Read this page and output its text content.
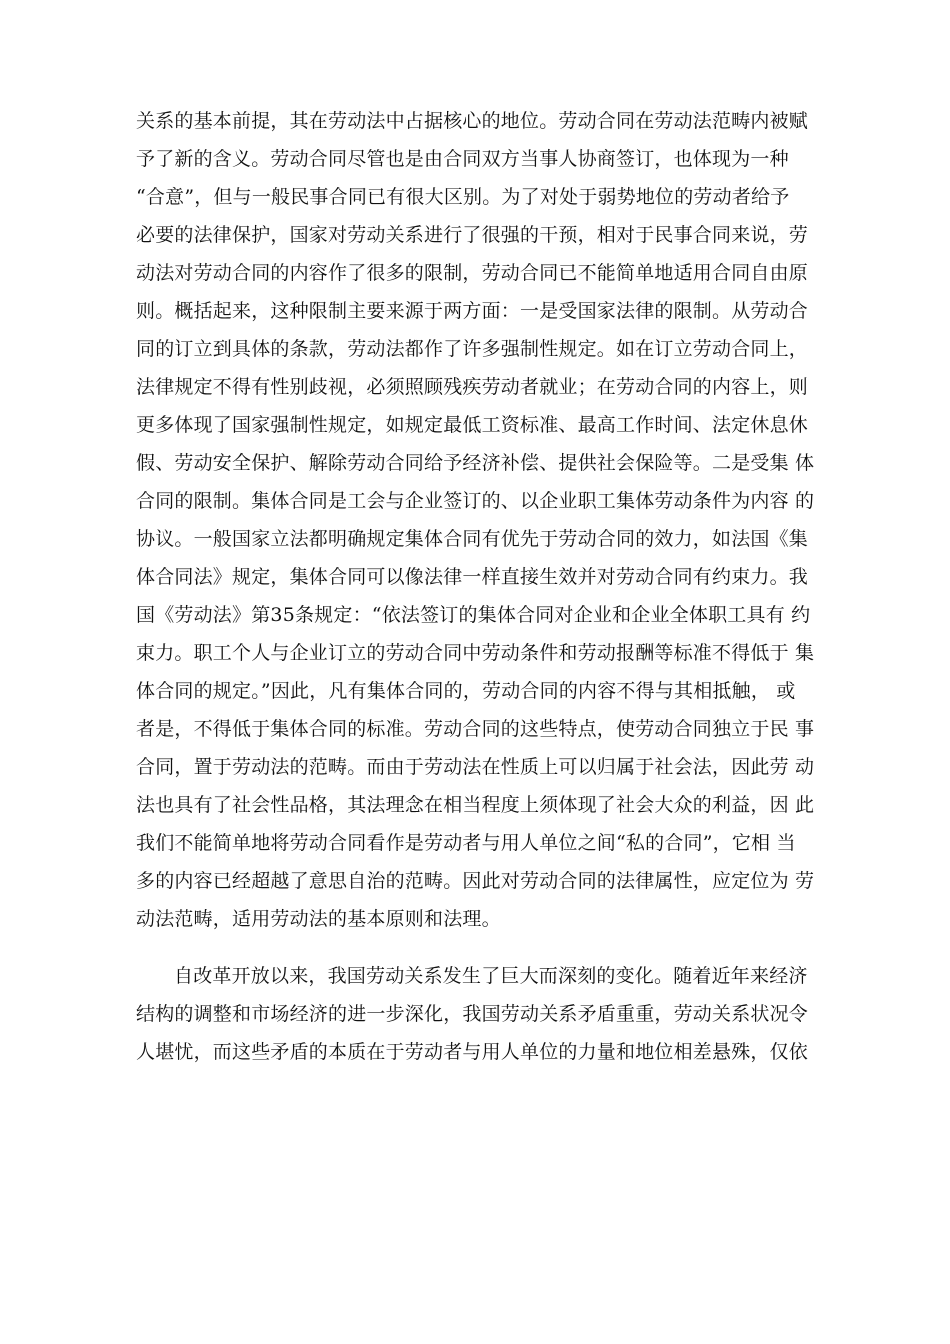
关系的基本前提，其在劳动法中占据核心的地位。劳动合同在劳动法范畴内被赋
予了新的含义。劳动合同尽管也是由合同双方当事人协商签订，也体现为一种
“合意”，但与一般民事合同已有很大区别。为了对处于弱势地位的劳动者给予
必要的法律保护，国家对劳动关系进行了很强的干预，相对于民事合同来说，劳
动法对劳动合同的内容作了很多的限制，劳动合同已不能简单地适用合同自由原
则。概括起来，这种限制主要来源于两方面：一是受国家法律的限制。从劳动合
同的订立到具体的条款，劳动法都作了许多强制性规定。如在订立劳动合同上，
法律规定不得有性别歧视，必须照顾残疾劳动者就业；在劳动合同的内容上，则
更多体现了国家强制性规定，如规定最低工资标准、最高工作时间、法定休息休
假、劳动安全保护、解除劳动合同给予经济补偿、提供社会保险等。二是受集 体
合同的限制。集体合同是工会与企业签订的、以企业职工集体劳动条件为内容 的
协议。一般国家立法都明确规定集体合同有优先于劳动合同的效力，如法国《集
体合同法》规定，集体合同可以像法律一样直接生效并对劳动合同有约束力。我
国《劳动法》第35条规定：“依法签订的集体合同对企业和企业全体职工具有 约
束力。职工个人与企业订立的劳动合同中劳动条件和劳动报酬等标准不得低于 集
体合同的规定。”因此，凡有集体合同的，劳动合同的内容不得与其相抵触， 或
者是，不得低于集体合同的标准。劳动合同的这些特点，使劳动合同独立于民 事
合同，置于劳动法的范畴。而由于劳动法在性质上可以归属于社会法，因此劳 动
法也具有了社会性品格，其法理念在相当程度上须体现了社会大众的利益，因 此
我们不能简单地将劳动合同看作是劳动者与用人单位之间“私的合同”，它相 当
多的内容已经超越了意思自治的范畴。因此对劳动合同的法律属性，应定位为 劳
动法范畴，适用劳动法的基本原则和法理。
自改革开放以来，我国劳动关系发生了巨大而深刻的变化。随着近年来经济
结构的调整和市场经济的进一步深化，我国劳动关系矛盾重重，劳动关系状况令
人堪忧，而这些矛盾的本质在于劳动者与用人单位的力量和地位相差悬殊，仅依
